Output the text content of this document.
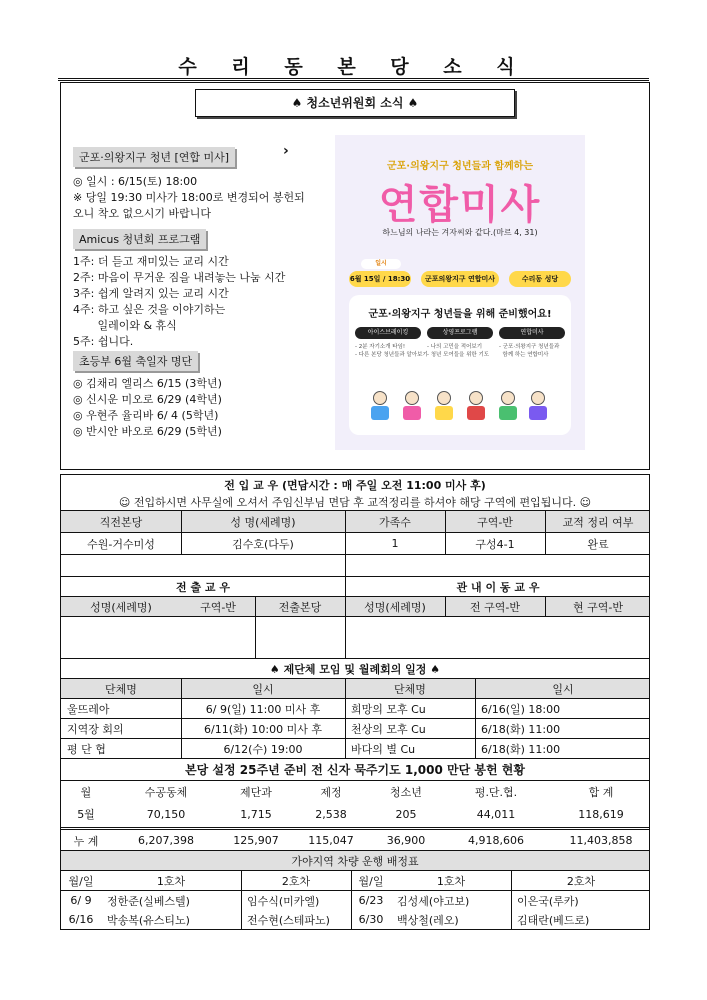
수 리 동 본 당 소 식
♠ 청소년위원회 소식 ♠
군포·의왕지구 청년 [연합 미사]	›
◎ 일시 : 6/15(토) 18:00
※ 당일 19:30 미사가 18:00로 변경되어 봉헌되
오니 착오 없으시기 바랍니다
Amicus 청년회 프로그램
1주: 더 듣고 재미있는 교리 시간
2주: 마음이 무거운 짐을 내려놓는 나눔 시간
3주: 쉽게 알려지 있는 교리 시간
4주: 하고 싶은 것을 이야기하는
일레이와 & 휴식
5주: 쉽니다.
초등부 6월 축일자 명단
◎ 김채리 엘리스 6/15 (3학년)
◎ 신시운 미오로 6/29 (4학년)
◎ 우현주 율리바 6/ 4 (5학년)
◎ 반시안 바오로 6/29 (5학년)
군포·의왕지구 청년들과 함께하는
연합미사
하느님의 나라는 겨자씨와 같다.(마르 4, 31)
일시
6월 15일 / 18:30	군포의왕지구 연합미사	수리동 성당
군포·의왕지구 청년들을 위해 준비했어요!
아이스브레이킹	상영프로그램	연합미사
- 2분 자기소개 타임!
- 다른 본당 청년들과 알아보기
- 나의 고민을 적어보기
- 청년 모여들을 위한 기도
- 군포·의왕지구 청년들과
함께 하는 연합미사
전 입 교 우 (면담시간 : 매 주일 오전 11:00 미사 후)
☺ 전입하시면 사무실에 오셔서 주임신부님 면담 후 교적정리를 하셔야 해당 구역에 편입됩니다. ☺
직전본당	성 명(세례명)	가족수	구역-반	교적 정리 여부
수원-거수미성	김수호(다두)	1	구성4-1	완료
전 출 교 우	관 내 이 동 교 우
성명(세례명)	구역-반	전출본당	성명(세례명)	전 구역-반	현 구역-반
♠ 제단체 모임 및 월례회의 일정 ♠
단체명	일시	단체명	일시
울뜨레아	6/ 9(일) 11:00 미사 후	희망의 모후 Cu	6/16(일) 18:00
지역장 회의	6/11(화) 10:00 미사 후	천상의 모후 Cu	6/18(화) 11:00
평 단 협	6/12(수) 19:00	바다의 별 Cu	6/18(화) 11:00
본당 설정 25주년 준비 전 신자 묵주기도 1,000 만단 봉헌 현황
월	수공동체	제단과	제정	청소년	평.단.협.	합 계
5월	70,150	1,715	2,538	205	44,011	118,619
누 계	6,207,398	125,907	115,047	36,900	4,918,606	11,403,858
가야지역 차량 운행 배정표
월/일	1호차	2호차	월/일	1호차	2호차
6/ 9	정한준(실베스텔)	임수식(미카엘)	6/23	김성세(야고보)	이은국(루카)
6/16	박송복(유스티노)	전수현(스테파노)	6/30	백상철(레오)	김태란(베드로)
